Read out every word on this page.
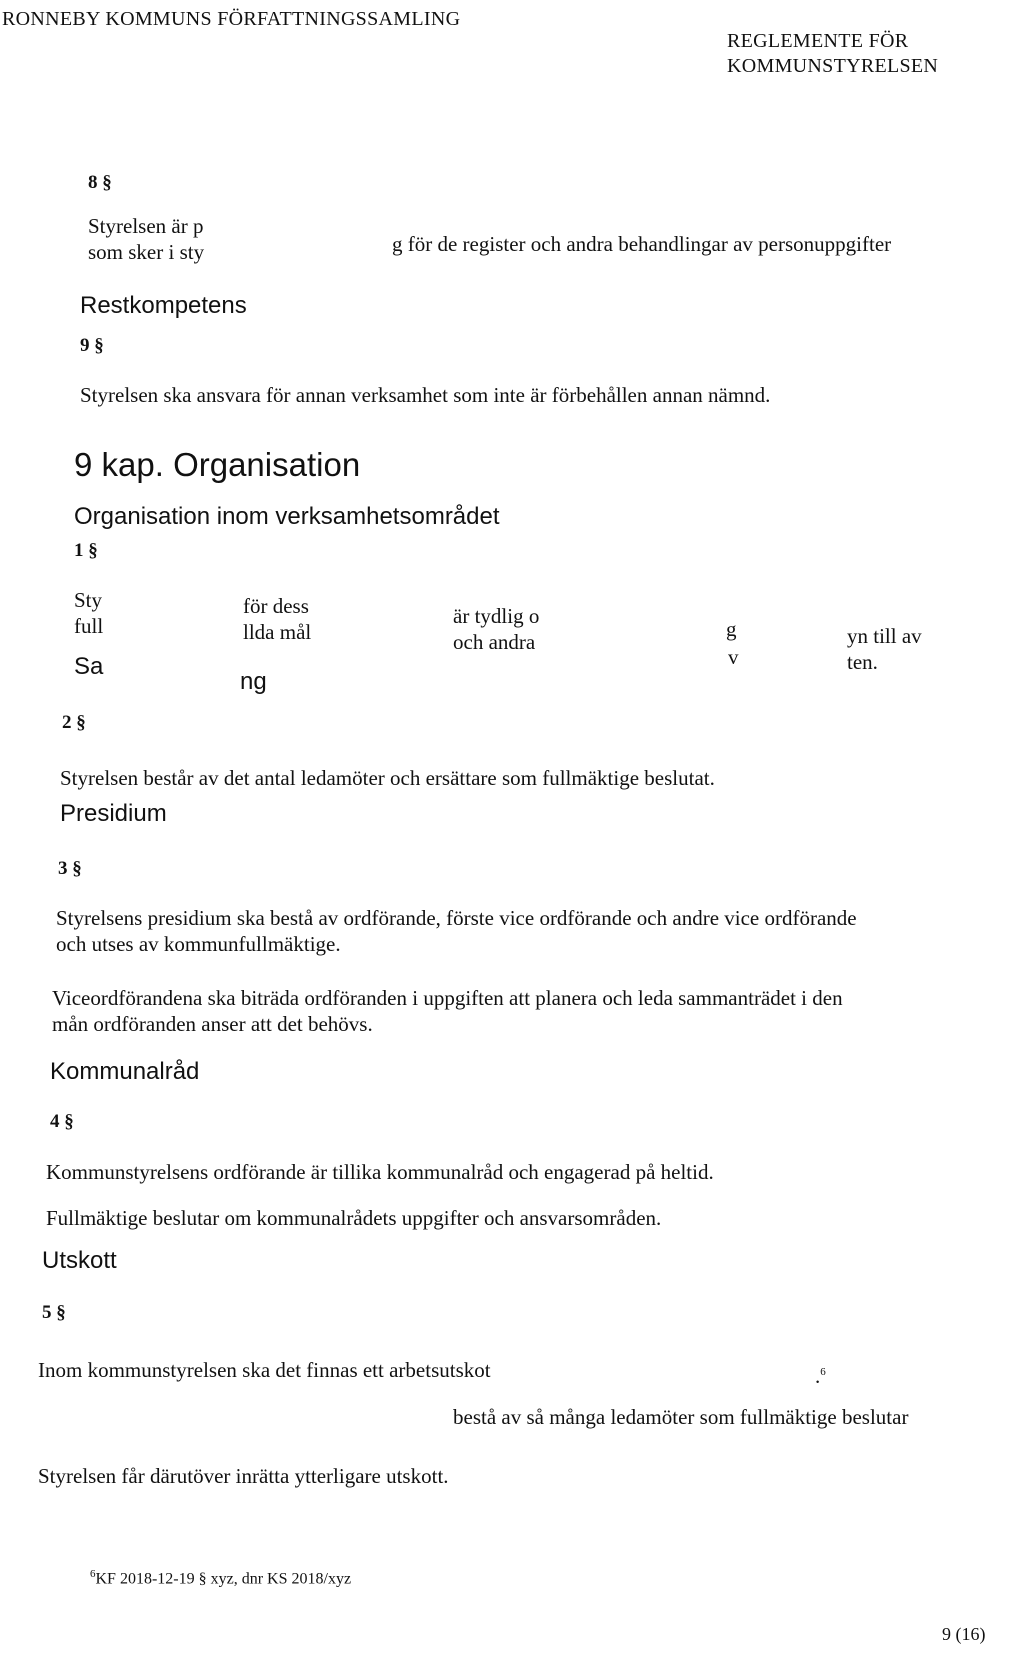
RONNEBY KOMMUNS FÖRFATTNINGSSAMLING
REGLEMENTE FÖR
KOMMUNSTYRELSEN
8 §
Styrelsen är p
g för de register och andra behandlingar av personuppgifter
som sker i sty
Restkompetens
9 §
Styrelsen ska ansvara för annan verksamhet som inte är förbehållen annan nämnd.
9 kap. Organisation
Organisation inom verksamhetsområdet
1 §
Sty
full
för dess
llda mål
är tydlig o
och andra
g
v
yn till av
ten.
Sa
ng
2 §
Styrelsen består av det antal ledamöter och ersättare som fullmäktige beslutat.
Presidium
3 §
Styrelsens presidium ska bestå av ordförande, förste vice ordförande och andre vice ordförande
och utses av kommunfullmäktige.
Viceordförandena ska biträda ordföranden i uppgiften att planera och leda sammanträdet i den
mån ordföranden anser att det behövs.
Kommunalråd
4 §
Kommunstyrelsens ordförande är tillika kommunalråd och engagerad på heltid.
Fullmäktige beslutar om kommunalrådets uppgifter och ansvarsområden.
Utskott
5 §
Inom kommunstyrelsen ska det finnas ett arbetsutskot	.$^6$
bestå av så många ledamöter som fullmäktige beslutar
Styrelsen får därutöver inrätta ytterligare utskott.
$^6$KF 2018-12-19 § xyz, dnr KS 2018/xyz
9 (16)
